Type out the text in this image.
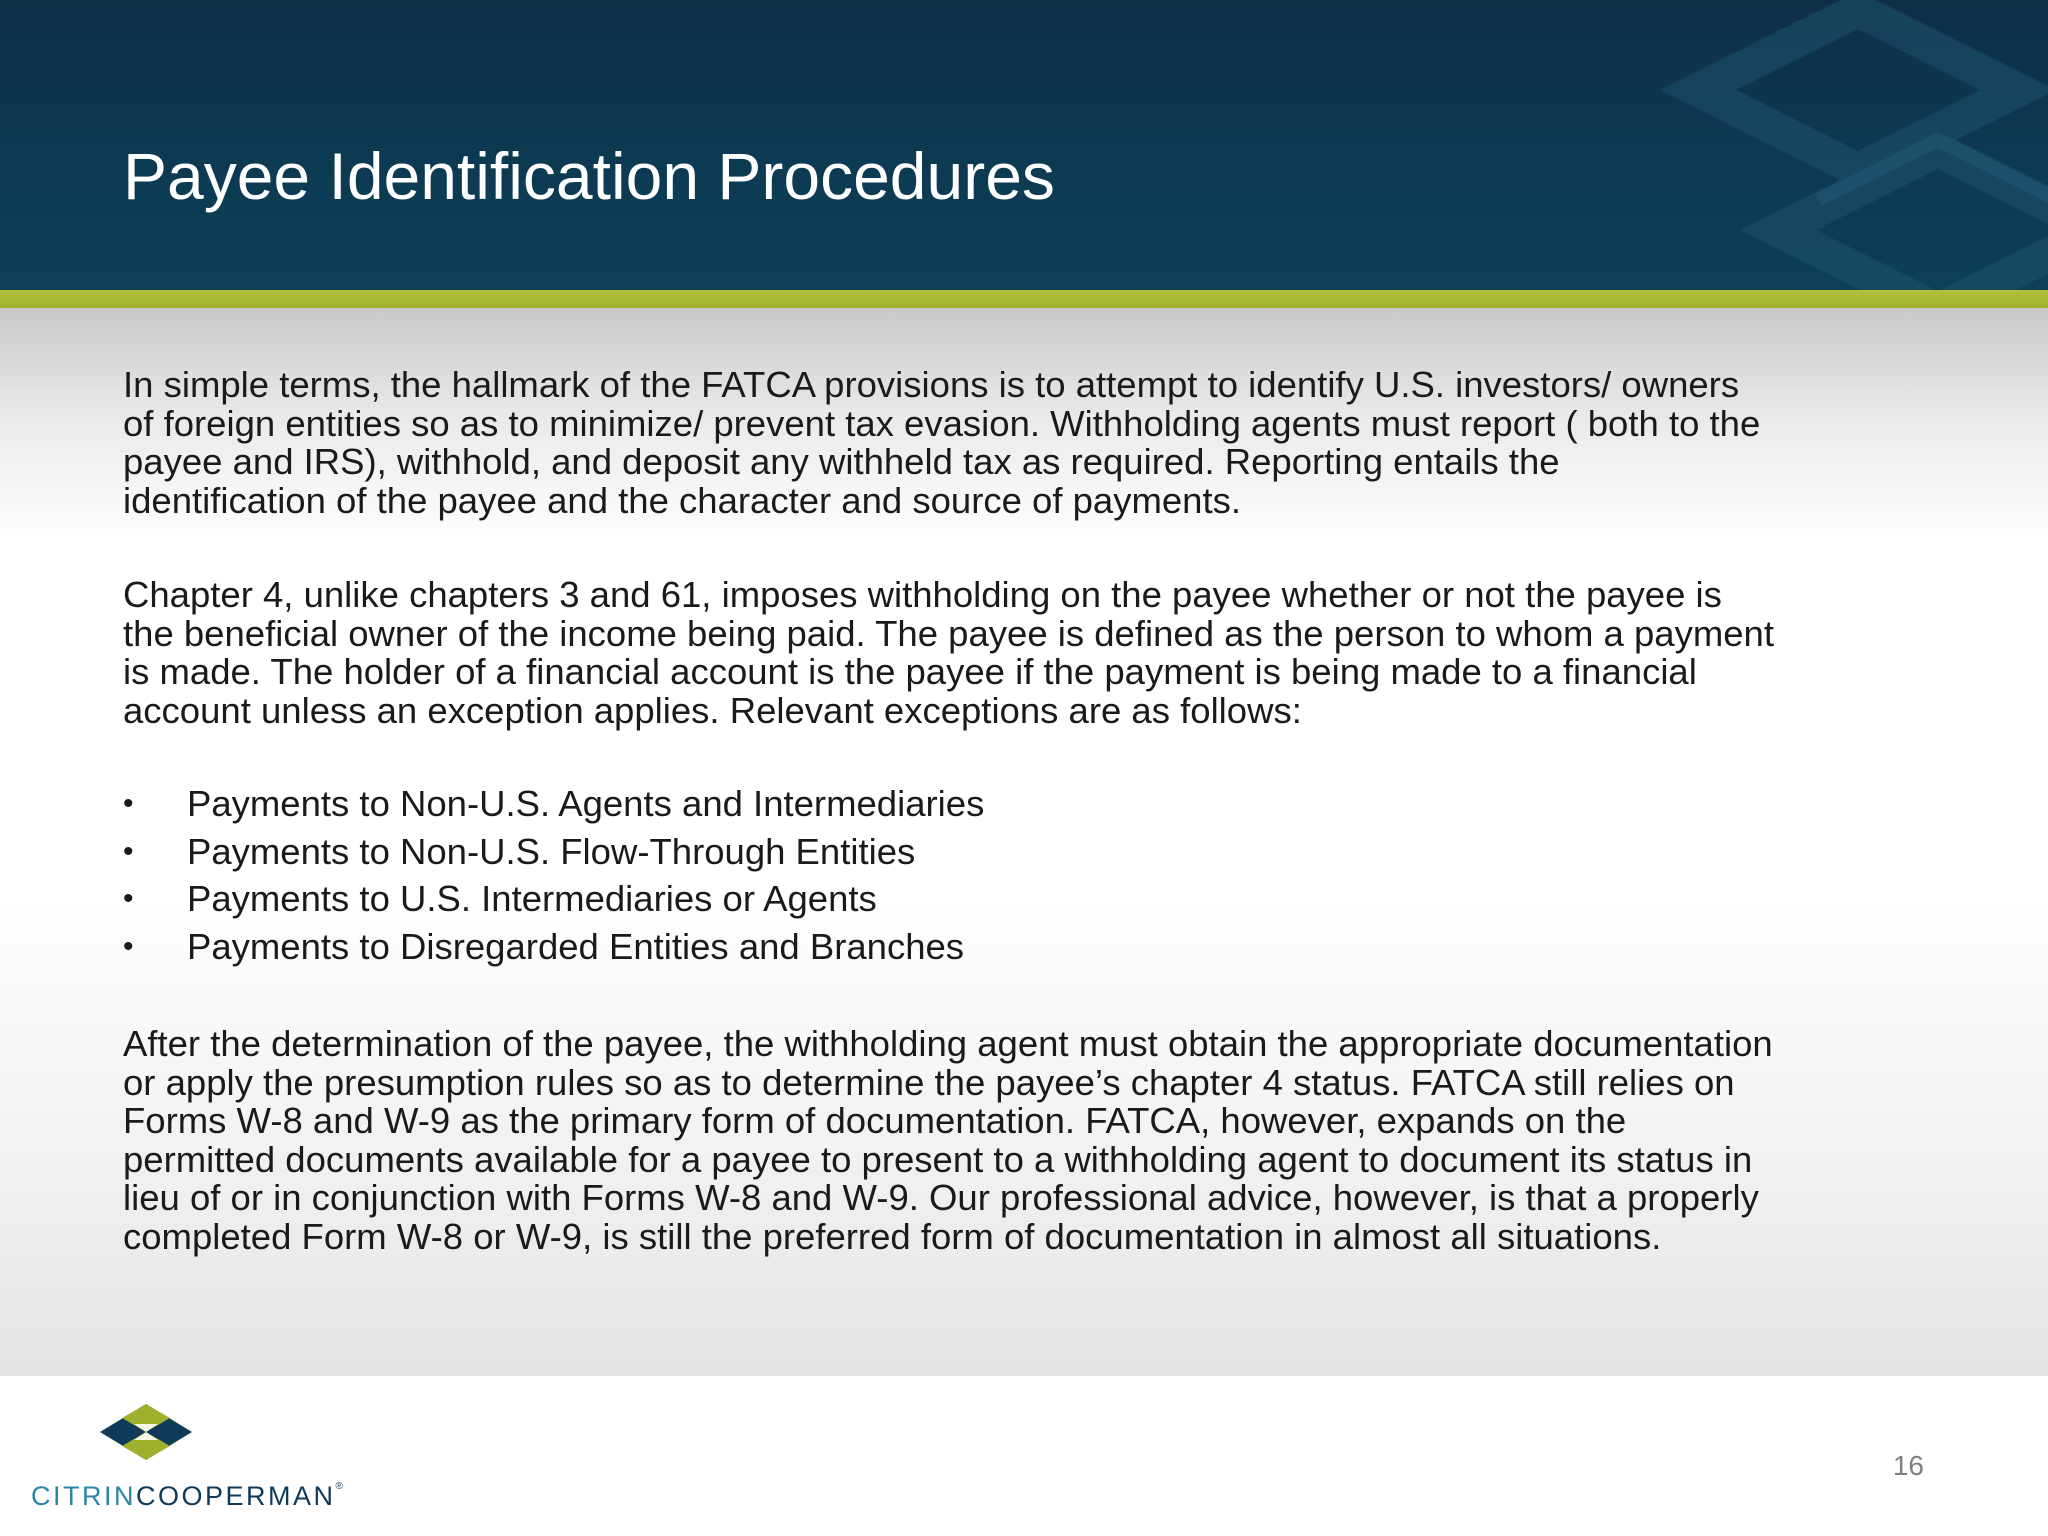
Payee Identification Procedures
In simple terms, the hallmark of the FATCA provisions is to attempt to identify U.S. investors/ owners
of foreign entities so as to minimize/ prevent tax evasion. Withholding agents must report ( both to the
payee and IRS), withhold, and deposit any withheld tax as required. Reporting entails the
identification of the payee and the character and source of payments.
Chapter 4, unlike chapters 3 and 61, imposes withholding on the payee whether or not the payee is
the beneficial owner of the income being paid. The payee is defined as the person to whom a payment
is made. The holder of a financial account is the payee if the payment is being made to a financial
account unless an exception applies. Relevant exceptions are as follows:
• Payments to Non-U.S. Agents and Intermediaries
• Payments to Non-U.S. Flow-Through Entities
• Payments to U.S. Intermediaries or Agents
• Payments to Disregarded Entities and Branches
After the determination of the payee, the withholding agent must obtain the appropriate documentation
or apply the presumption rules so as to determine the payee’s chapter 4 status. FATCA still relies on
Forms W-8 and W-9 as the primary form of documentation. FATCA, however, expands on the
permitted documents available for a payee to present to a withholding agent to document its status in
lieu of or in conjunction with Forms W-8 and W-9. Our professional advice, however, is that a properly
completed Form W-8 or W-9, is still the preferred form of documentation in almost all situations.
CITRINCOOPERMAN®
16
